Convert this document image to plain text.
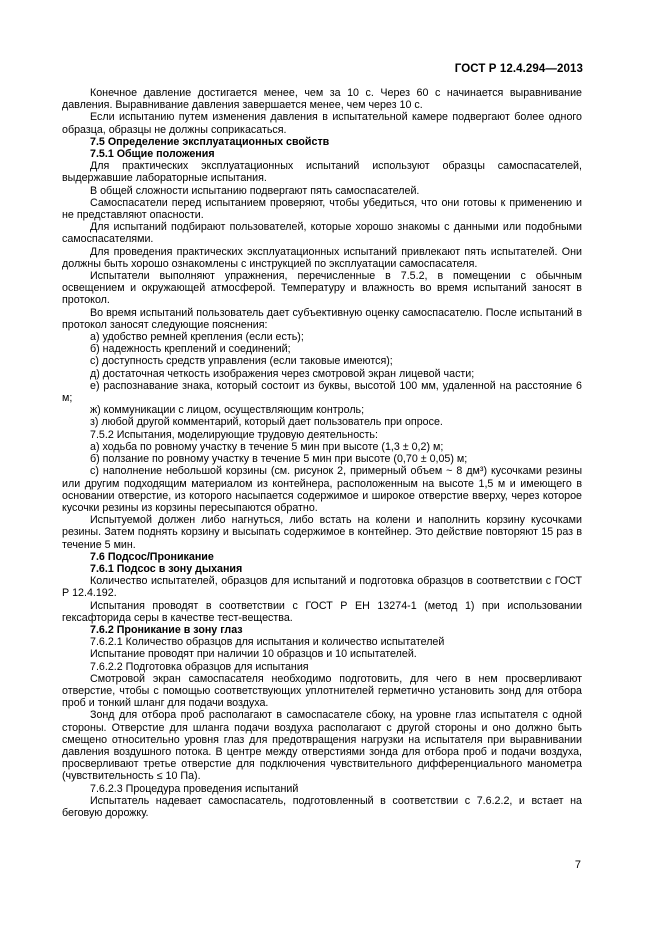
ГОСТ Р 12.4.294—2013

Конечное давление достигается менее, чем за 10 с. Через 60 с начинается выравнивание давления. Выравнивание давления завершается менее, чем через 10 с.

Если испытанию путем изменения давления в испытательной камере подвергают более одного образца, образцы не должны соприкасаться.

7.5 Определение эксплуатационных свойств

7.5.1 Общие положения

Для практических эксплуатационных испытаний используют образцы самоспасателей, выдержавшие лабораторные испытания.

В общей сложности испытанию подвергают пять самоспасателей.

Самоспасатели перед испытанием проверяют, чтобы убедиться, что они готовы к применению и не представляют опасности.

Для испытаний подбирают пользователей, которые хорошо знакомы с данными или подобными самоспасателями.

Для проведения практических эксплуатационных испытаний привлекают пять испытателей. Они должны быть хорошо ознакомлены с инструкцией по эксплуатации самоспасателя.

Испытатели выполняют упражнения, перечисленные в 7.5.2, в помещении с обычным освещением и окружающей атмосферой. Температуру и влажность во время испытаний заносят в протокол.

Во время испытаний пользователь дает субъективную оценку самоспасателю. После испытаний в протокол заносят следующие пояснения:

а) удобство ремней крепления (если есть);

б) надежность креплений и соединений;

с) доступность средств управления (если таковые имеются);

д) достаточная четкость изображения через смотровой экран лицевой части;

е) распознавание знака, который состоит из буквы, высотой 100 мм, удаленной на расстояние 6 м;

ж) коммуникации с лицом, осуществляющим контроль;

з) любой другой комментарий, который дает пользователь при опросе.

7.5.2 Испытания, моделирующие трудовую деятельность:

а) ходьба по ровному участку в течение 5 мин при высоте (1,3 ± 0,2) м;

б) ползание по ровному участку в течение 5 мин при высоте (0,70 ± 0,05) м;

с) наполнение небольшой корзины (см. рисунок 2, примерный объем ~ 8 дм³) кусочками резины или другим подходящим материалом из контейнера, расположенным на высоте 1,5 м и имеющего в основании отверстие, из которого насыпается содержимое и широкое отверстие вверху, через которое кусочки резины из корзины пересыпаются обратно.

Испытуемой должен либо нагнуться, либо встать на колени и наполнить корзину кусочками резины. Затем поднять корзину и высыпать содержимое в контейнер. Это действие повторяют 15 раз в течение 5 мин.

7.6 Подсос/Проникание

7.6.1 Подсос в зону дыхания

Количество испытателей, образцов для испытаний и подготовка образцов в соответствии с ГОСТ Р 12.4.192.

Испытания проводят в соответствии с ГОСТ Р ЕН 13274-1 (метод 1) при использовании гексафторида серы в качестве тест-вещества.

7.6.2 Проникание в зону глаз

7.6.2.1 Количество образцов для испытания и количество испытателей

Испытание проводят при наличии 10 образцов и 10 испытателей.

7.6.2.2 Подготовка образцов для испытания

Смотровой экран самоспасателя необходимо подготовить, для чего в нем просверливают отверстие, чтобы с помощью соответствующих уплотнителей герметично установить зонд для отбора проб и тонкий шланг для подачи воздуха.

Зонд для отбора проб располагают в самоспасателе сбоку, на уровне глаз испытателя с одной стороны. Отверстие для шланга подачи воздуха располагают с другой стороны и оно должно быть смещено относительно уровня глаз для предотвращения нагрузки на испытателя при выравнивании давления воздушного потока. В центре между отверстиями зонда для отбора проб и подачи воздуха, просверливают третье отверстие для подключения чувствительного дифференциального манометра (чувствительность ≤ 10 Па).

7.6.2.3 Процедура проведения испытаний

Испытатель надевает самоспасатель, подготовленный в соответствии с 7.6.2.2, и встает на беговую дорожку.

7
